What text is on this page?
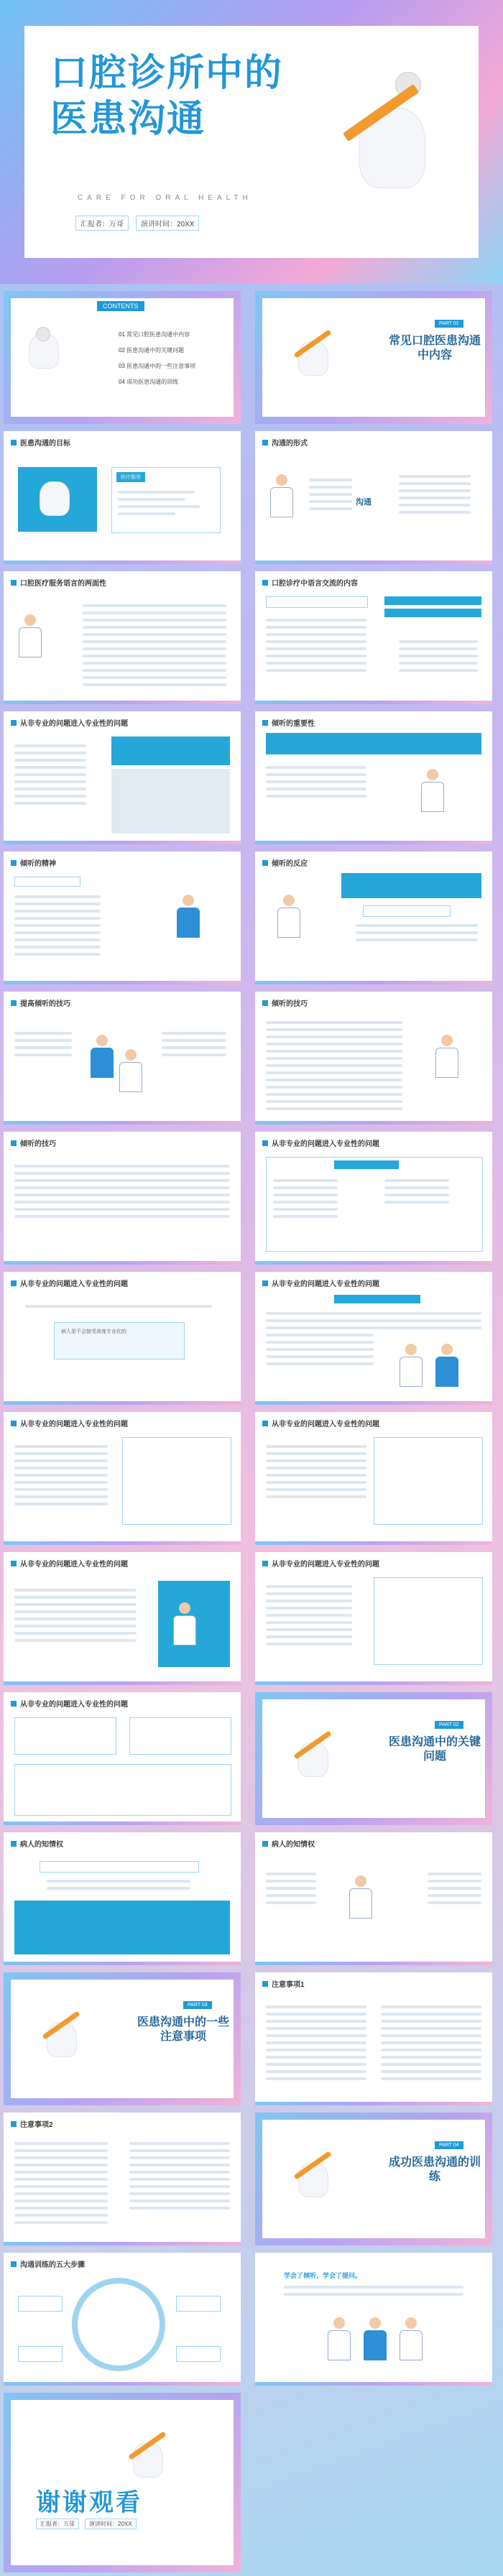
口腔诊所中的
医患沟通
CARE FOR ORAL HEALTH
汇报者：万哥	演讲时间：20XX
CONTENTS
01 常见口腔医患沟通中内容
02 医患沟通中的关键问题
03 医患沟通中的一些注意事项
04 成功医患沟通的训练
PART 01
常见口腔医患沟通中内容
医患沟通的目标
医疗服务
沟通的形式
沟通
口腔医疗服务语言的两面性	口腔诊疗中语言交流的内容
从非专业的问题进入专业性的问题	倾听的重要性
倾听的精神	倾听的反应
提高倾听的技巧	倾听的技巧
倾听的技巧	从非专业的问题进入专业性的问题
从非专业的问题进入专业性的问题
病人是不会接受高度专业化的
从非专业的问题进入专业性的问题
从非专业的问题进入专业性的问题	从非专业的问题进入专业性的问题
从非专业的问题进入专业性的问题	从非专业的问题进入专业性的问题
从非专业的问题进入专业性的问题
PART 02
医患沟通中的关键问题
病人的知情权	病人的知情权
PART 03
医患沟通中的一些注意事项
注意事项1
注意事项2
PART 04
成功医患沟通的训练
沟通训练的五大步骤
学会了倾听，学会了提问。
谢谢观看
汇报者：万哥	演讲时间：20XX
